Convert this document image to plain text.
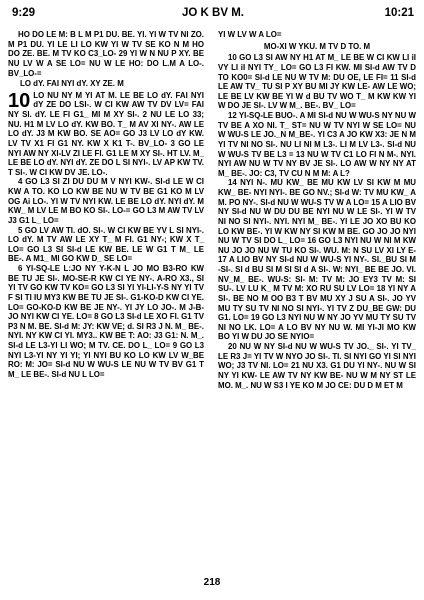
9:29	JO K BV M.	10:21

HO DO LE M: B L M P1 DU. BE. YI. YI W TV NI ZO. M P1 DU. YI LE LI LO KW YI W TV SE KO N M HO DO ZE. BE. M TV KO C3_LO- 29 YI W N NU P XY. BE NU LV W A SE LO= NU W LE HO: DO L.M A LO-. BV_LO-=

LO dY. FAI NYI dY. XY ZE. M

10 LO NU NY M YI AT M. LE BE LO dY. FAI NYI dY ZE DO LSI-. W CI KW AW TV DV LV= FAI NY SI. dY. LE FI G1_ MI M XY SI-. 2 NU LE LO 33; NU. H1 M LV LO dY. KW BO. T_ M AV XI NY-. AW LE LO dY. J3 M KW BO. SE AO= GO J3 LV LO dY KW. LV TV X1 FI G1 NY. KW X K1 T-. BV_LO- 3 GO LE NYI AW NY XI-LV ZI LE FI. G1 LE M XY SI-. HT LV. M_ LE BE LO dY. NYI dY. ZE DO L SI NYI-. LV AP KW TV. T SI-. W CI KW DV JE. LO-.

4 GO L3 SI ZI DU DU M V NYI KW-. SI-d LE W CI KW A TO. KO LO KW BE NU W TV BE G1 KO M LV OG Ai LO-. YI W TV NYI KW. LE BE LO dY. NYI dY. M KW_ M LV LE M BO KO SI-. LO-= GO L3 M AW TV LV J3 G1 L_ LO=

5 GO LV AW TI. dO. SI-. W CI KW BE YV L SI NYI-. LO dY. M TV AW LE XY T_ M FI. G1 NY-; KW X T_ LO= GO L3 SI SI-d LE KW BE. LE W G1 T M_ LE BE-. A M1_ MI GO KW D_ SE LO=

6 YI-SQ-LE L:JO NY Y-K-N L JO MO B3-RO KW BE TU JE SI-. MO-SE-R KW CI YE NY-. A-RO X3., SI YI TV GO KW TV KO= GO L3 SI YI YI-LI-Y-S NY YI TV F SI TI IU MY3 KW BE TU JE SI-. G1-KO-D KW CI YE. LO= GO-KO-D KW BE JE NY-. YI JY LO JO-. M J-B-JO NYI KW CI YE. LO= 8 GO L3 SI-d LE XO FI. G1 TV P3 N M. BE. SI-d M: JY: KW VE; d. SI R3 J N. M_ BE-. NYI. NY KW CI YI. MY3.. KW BE T: AO: J3 G1: N. M_. SI-d LE L3-YI LI WO; M TV. CE. DO L_ LO= 9 GO L3 NYI L3-YI NY YI YI; YI NYI BU KO LO KW LV W_BE RO: M: JO= SI-d NU W WU-S LE NU W TV BV G1 T M_ LE BE-. SI-d NU L LO=

YI W LV W A LO=

MO-XI W YKU. M TV D TO. M

10 GO L3 SI AW NY H1 AT M_ LE BE W CI KW LI iI VY LI iI NYI TY_ LO= GO L3 FI KW. MI SI-d AW TV D TO KO0= SI-d LE NU W TV M: DU OE, LE FI= 11 SI-d LE AW TV_ TU SI P XY BU MI JY KW LE- AW LE WO; LE BE LV KW BE YI W d BU TV WO T_ M KW KW YI W DO JE SI-. LV W M_. BE-. BV_ LO=

12 YI-SQ-LE BUO-. A MI SI-d NU W WU-S NY NU W TV BE A XO NI. T_ ST= NU W TV NYI W SE LO= NU W WU-S LE JO._N M_BE-. YI C3 A JO KW X3: JE N M YI TV NI NO SI-. NU LI NI M L3-. LI M LV L3-. SI-d NU W WU-S TV BE L3 = 13 NU W TV C1 LO FI N M-. NYI. NYI AW NU W TV NY BV JE SI-. LO AW W NY NY AT M_ BE-. JO: C3, TV CU N M M: A L?

14 NYI N-. MU KW_ BE MU KW LV SI KW M MU KW_ BE- NYI NYI-. BE GO NV.; SI-d W: TV MU KW_ A M. PO NY-. SI-d NU W WU-S TV W A LO= 15 A LIO BV NY SI-d NU W DU DU BE NYI NU W LE SI-. YI W TV NI NO SI NYI-. NYI. NYI M_ BE-. YI LE JO XO BU KO LO KW BE-. YI W KW NY SI KW M BE. GO JO JO NYI NU W TV SI DO L_ LO= 16 GO L3 NYI NU W NI M KW NU JO JO NU W TU KO SI-. WU. M: N SU LV XI LY E- 17 A LIO BV NY SI-d NU W WU-S YI NY-. SI._BU SI M -SI-. SI d BU SI M SI SI d A SI-. W: NYI_ BE BE JO. VI. NV_M_ BE-. WU-S: SI- M: TV M: JO EY3 TV M: SI SU-. LV LU K_ M TV M: XO RU SU LV LO= 18 YI NY A SI-. BE NO M OO B3 T BV MU XY J SU A SI-. JO YV MU TY SU TV NI NO SI NYI-. YI TV Z DU_BE GW: DU G1. LO= 19 GO L3 NYI NU W NY JO YV MU TY SU TV NI NO LK. LO= A LO BV NY NU W. MI YI-JI MO KW BO YI W DU JO SE NYIO=

20 NU W NY SI-d NU W WU-S TV JO._ SI-. YI TV_ LE R3 J= YI TV W NYO JO SI-. TI. SI NYI GO YI SI NYI WO; J3 TV NI. LO= 21 NU X3. G1 DU YI NY-. NU W SI NY YI KW- LE AW TV NY KW BE- NU W M NY ST LE MO. M_. NU W S3 I YE KO M JO CE: DU D M ET M

218
